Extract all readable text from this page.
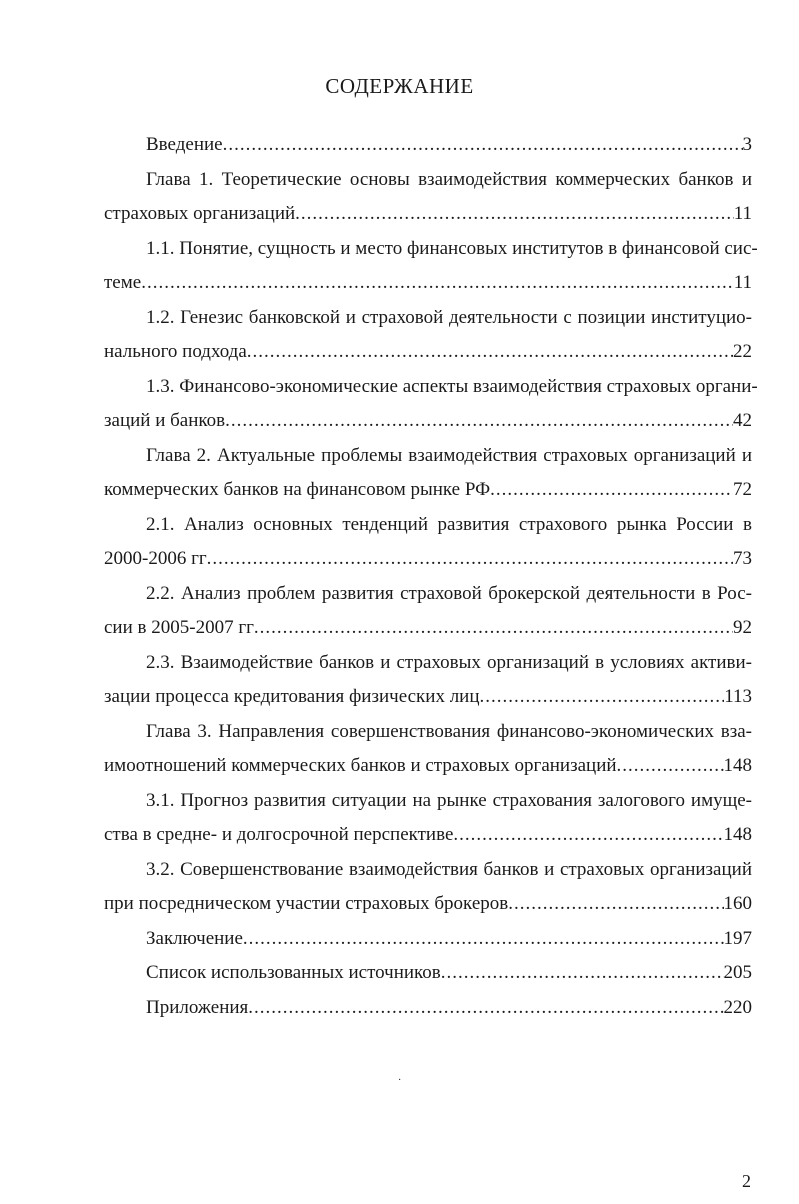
СОДЕРЖАНИЕ
Введение .....	3
Глава 1. Теоретические основы взаимодействия коммерческих банков и
страховых организаций .....	11
1.1. Понятие, сущность и место финансовых институтов в финансовой сис-
теме .....	11
1.2. Генезис банковской и страховой деятельности с позиции институцио-
нального подхода .....	22
1.3. Финансово-экономические аспекты взаимодействия страховых органи-
заций и банков .....	42
Глава 2. Актуальные проблемы взаимодействия страховых организаций и
коммерческих банков на финансовом рынке РФ .....	72
2.1. Анализ основных тенденций развития страхового рынка России в
2000-2006 гг .....	73
2.2. Анализ проблем развития страховой брокерской деятельности в Рос-
сии в 2005-2007 гг .....	92
2.3. Взаимодействие банков и страховых организаций в условиях активи-
зации процесса кредитования физических лиц .....	113
Глава 3. Направления совершенствования финансово-экономических вза-
имоотношений коммерческих банков и страховых организаций .....	148
3.1. Прогноз развития ситуации на рынке страхования залогового имуще-
ства в средне- и долгосрочной перспективе .....	148
3.2. Совершенствование взаимодействия банков и страховых организаций
при посредническом участии страховых брокеров .....	160
Заключение .....	197
Список использованных источников .....	205
Приложения .....	220
·
2
